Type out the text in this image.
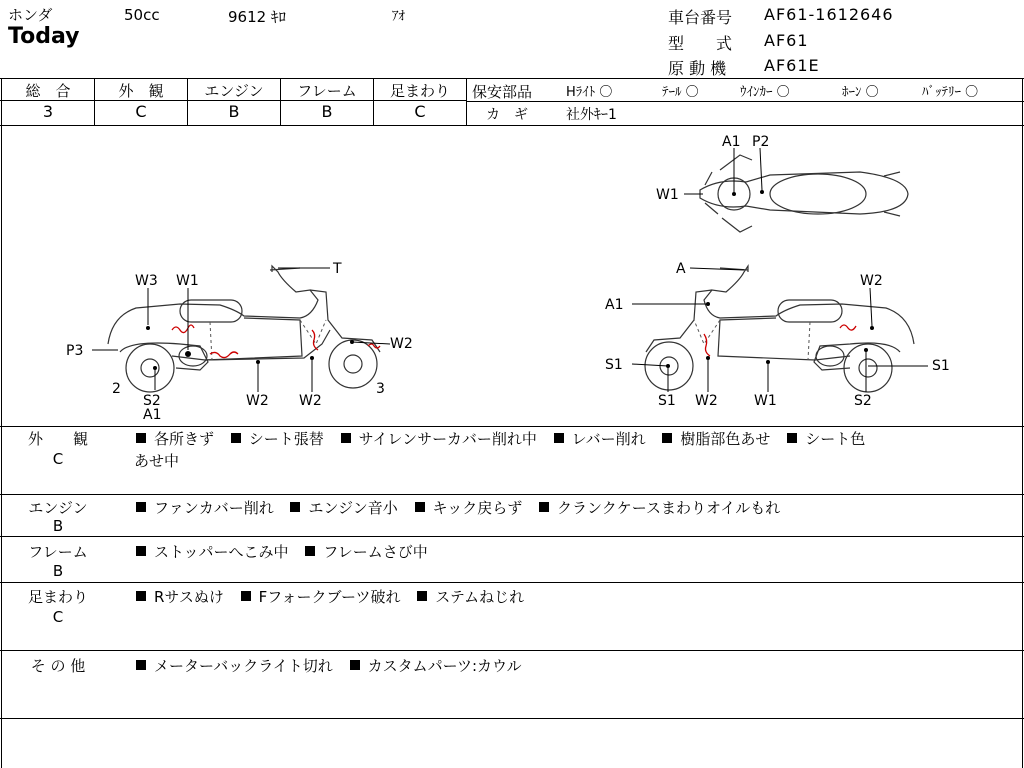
ホンダ	50cc	9612 ｷﾛ	ｱｵ
Today
車台番号 AF61-1612646
型　　式 AF61
原 動 機 AF61E
総　合	外　観	エンジン	フレーム	足まわり
3	C	B	B	C
保安部品	Hﾗｲﾄ 〇	ﾃｰﾙ 〇	ｳｲﾝｶｰ 〇	ﾎｰﾝ 〇	ﾊﾞｯﾃﾘｰ 〇
カ　ギ	社外ｷｰ1
A1 P2
W1
T
W3 W1
W2
P3
2
S2
A1
W2 W2
3
A
W2
A1
S1	S1
S1 W2	W1	S2
外　　観
C
各所きず シート張替 サイレンサーカバー削れ中 レバー削れ 樹脂部色あせ シート色
あせ中
エンジン
B
ファンカバー削れ エンジン音小 キック戻らず クランクケースまわりオイルもれ
フレーム
B
ストッパーへこみ中 フレームさび中
足まわり
C
Rサスぬけ Fフォークブーツ破れ ステムねじれ
そ の 他	メーターバックライト切れ カスタムパーツ:カウル
